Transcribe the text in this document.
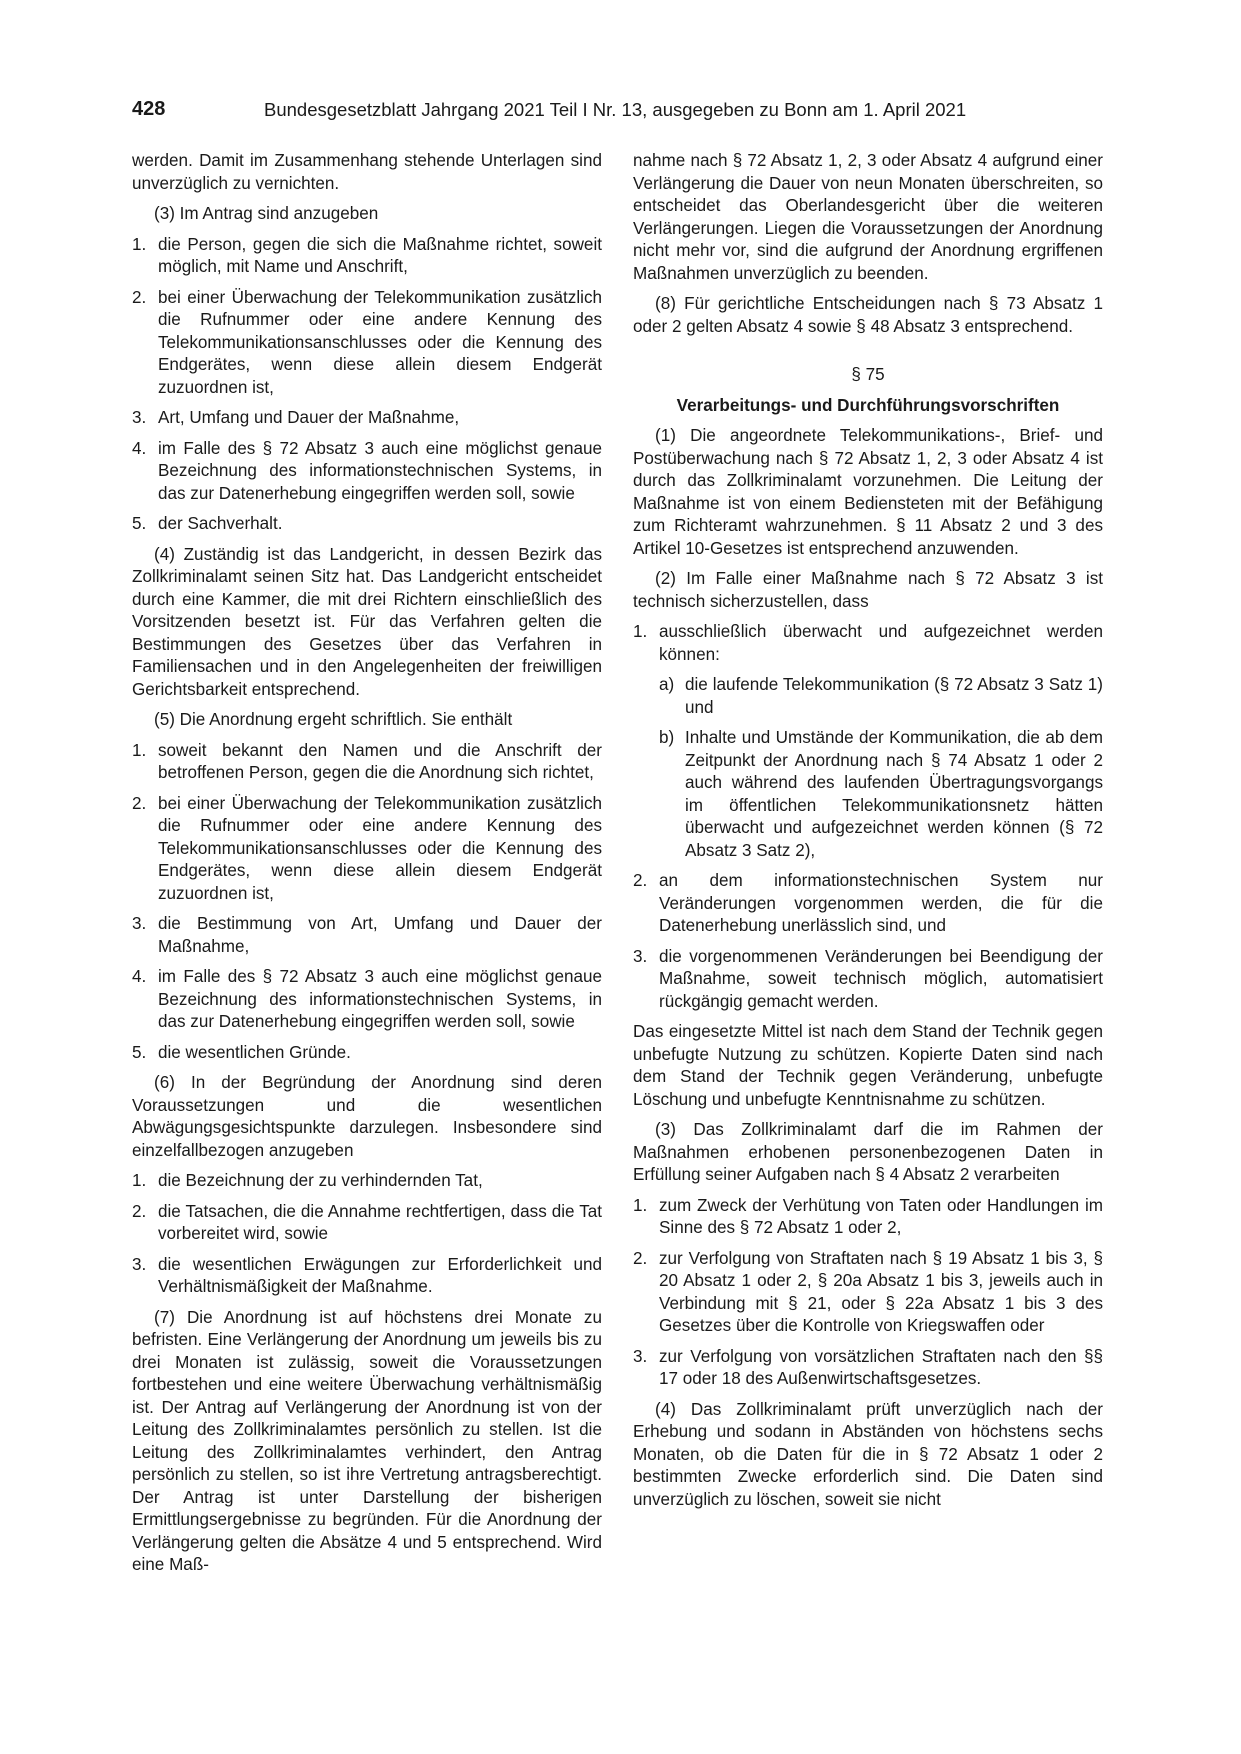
428	Bundesgesetzblatt Jahrgang 2021 Teil I Nr. 13, ausgegeben zu Bonn am 1. April 2021

werden. Damit im Zusammenhang stehende Unterlagen sind unverzüglich zu vernichten.

(3) Im Antrag sind anzugeben

1. die Person, gegen die sich die Maßnahme richtet, soweit möglich, mit Name und Anschrift,
2. bei einer Überwachung der Telekommunikation zusätzlich die Rufnummer oder eine andere Kennung des Telekommunikationsanschlusses oder die Kennung des Endgerätes, wenn diese allein diesem Endgerät zuzuordnen ist,
3. Art, Umfang und Dauer der Maßnahme,
4. im Falle des § 72 Absatz 3 auch eine möglichst genaue Bezeichnung des informationstechnischen Systems, in das zur Datenerhebung eingegriffen werden soll, sowie
5. der Sachverhalt.

(4) Zuständig ist das Landgericht, in dessen Bezirk das Zollkriminalamt seinen Sitz hat. Das Landgericht entscheidet durch eine Kammer, die mit drei Richtern einschließlich des Vorsitzenden besetzt ist. Für das Verfahren gelten die Bestimmungen des Gesetzes über das Verfahren in Familiensachen und in den Angelegenheiten der freiwilligen Gerichtsbarkeit entsprechend.

(5) Die Anordnung ergeht schriftlich. Sie enthält

1. soweit bekannt den Namen und die Anschrift der betroffenen Person, gegen die die Anordnung sich richtet,
2. bei einer Überwachung der Telekommunikation zusätzlich die Rufnummer oder eine andere Kennung des Telekommunikationsanschlusses oder die Kennung des Endgerätes, wenn diese allein diesem Endgerät zuzuordnen ist,
3. die Bestimmung von Art, Umfang und Dauer der Maßnahme,
4. im Falle des § 72 Absatz 3 auch eine möglichst genaue Bezeichnung des informationstechnischen Systems, in das zur Datenerhebung eingegriffen werden soll, sowie
5. die wesentlichen Gründe.

(6) In der Begründung der Anordnung sind deren Voraussetzungen und die wesentlichen Abwägungsgesichtspunkte darzulegen. Insbesondere sind einzelfallbezogen anzugeben

1. die Bezeichnung der zu verhindernden Tat,
2. die Tatsachen, die die Annahme rechtfertigen, dass die Tat vorbereitet wird, sowie
3. die wesentlichen Erwägungen zur Erforderlichkeit und Verhältnismäßigkeit der Maßnahme.

(7) Die Anordnung ist auf höchstens drei Monate zu befristen. Eine Verlängerung der Anordnung um jeweils bis zu drei Monaten ist zulässig, soweit die Voraussetzungen fortbestehen und eine weitere Überwachung verhältnismäßig ist. Der Antrag auf Verlängerung der Anordnung ist von der Leitung des Zollkriminalamtes persönlich zu stellen. Ist die Leitung des Zollkriminalamtes verhindert, den Antrag persönlich zu stellen, so ist ihre Vertretung antragsberechtigt. Der Antrag ist unter Darstellung der bisherigen Ermittlungsergebnisse zu begründen. Für die Anordnung der Verlängerung gelten die Absätze 4 und 5 entsprechend. Wird eine Maß-

nahme nach § 72 Absatz 1, 2, 3 oder Absatz 4 aufgrund einer Verlängerung die Dauer von neun Monaten überschreiten, so entscheidet das Oberlandesgericht über die weiteren Verlängerungen. Liegen die Voraussetzungen der Anordnung nicht mehr vor, sind die aufgrund der Anordnung ergriffenen Maßnahmen unverzüglich zu beenden.

(8) Für gerichtliche Entscheidungen nach § 73 Absatz 1 oder 2 gelten Absatz 4 sowie § 48 Absatz 3 entsprechend.

§ 75

Verarbeitungs- und Durchführungsvorschriften

(1) Die angeordnete Telekommunikations-, Brief- und Postüberwachung nach § 72 Absatz 1, 2, 3 oder Absatz 4 ist durch das Zollkriminalamt vorzunehmen. Die Leitung der Maßnahme ist von einem Bediensteten mit der Befähigung zum Richteramt wahrzunehmen. § 11 Absatz 2 und 3 des Artikel 10-Gesetzes ist entsprechend anzuwenden.

(2) Im Falle einer Maßnahme nach § 72 Absatz 3 ist technisch sicherzustellen, dass

1. ausschließlich überwacht und aufgezeichnet werden können:
a) die laufende Telekommunikation (§ 72 Absatz 3 Satz 1) und
b) Inhalte und Umstände der Kommunikation, die ab dem Zeitpunkt der Anordnung nach § 74 Absatz 1 oder 2 auch während des laufenden Übertragungsvorgangs im öffentlichen Telekommunikationsnetz hätten überwacht und aufgezeichnet werden können (§ 72 Absatz 3 Satz 2),
2. an dem informationstechnischen System nur Veränderungen vorgenommen werden, die für die Datenerhebung unerlässlich sind, und
3. die vorgenommenen Veränderungen bei Beendigung der Maßnahme, soweit technisch möglich, automatisiert rückgängig gemacht werden.

Das eingesetzte Mittel ist nach dem Stand der Technik gegen unbefugte Nutzung zu schützen. Kopierte Daten sind nach dem Stand der Technik gegen Veränderung, unbefugte Löschung und unbefugte Kenntnisnahme zu schützen.

(3) Das Zollkriminalamt darf die im Rahmen der Maßnahmen erhobenen personenbezogenen Daten in Erfüllung seiner Aufgaben nach § 4 Absatz 2 verarbeiten

1. zum Zweck der Verhütung von Taten oder Handlungen im Sinne des § 72 Absatz 1 oder 2,
2. zur Verfolgung von Straftaten nach § 19 Absatz 1 bis 3, § 20 Absatz 1 oder 2, § 20a Absatz 1 bis 3, jeweils auch in Verbindung mit § 21, oder § 22a Absatz 1 bis 3 des Gesetzes über die Kontrolle von Kriegswaffen oder
3. zur Verfolgung von vorsätzlichen Straftaten nach den §§ 17 oder 18 des Außenwirtschaftsgesetzes.

(4) Das Zollkriminalamt prüft unverzüglich nach der Erhebung und sodann in Abständen von höchstens sechs Monaten, ob die Daten für die in § 72 Absatz 1 oder 2 bestimmten Zwecke erforderlich sind. Die Daten sind unverzüglich zu löschen, soweit sie nicht
